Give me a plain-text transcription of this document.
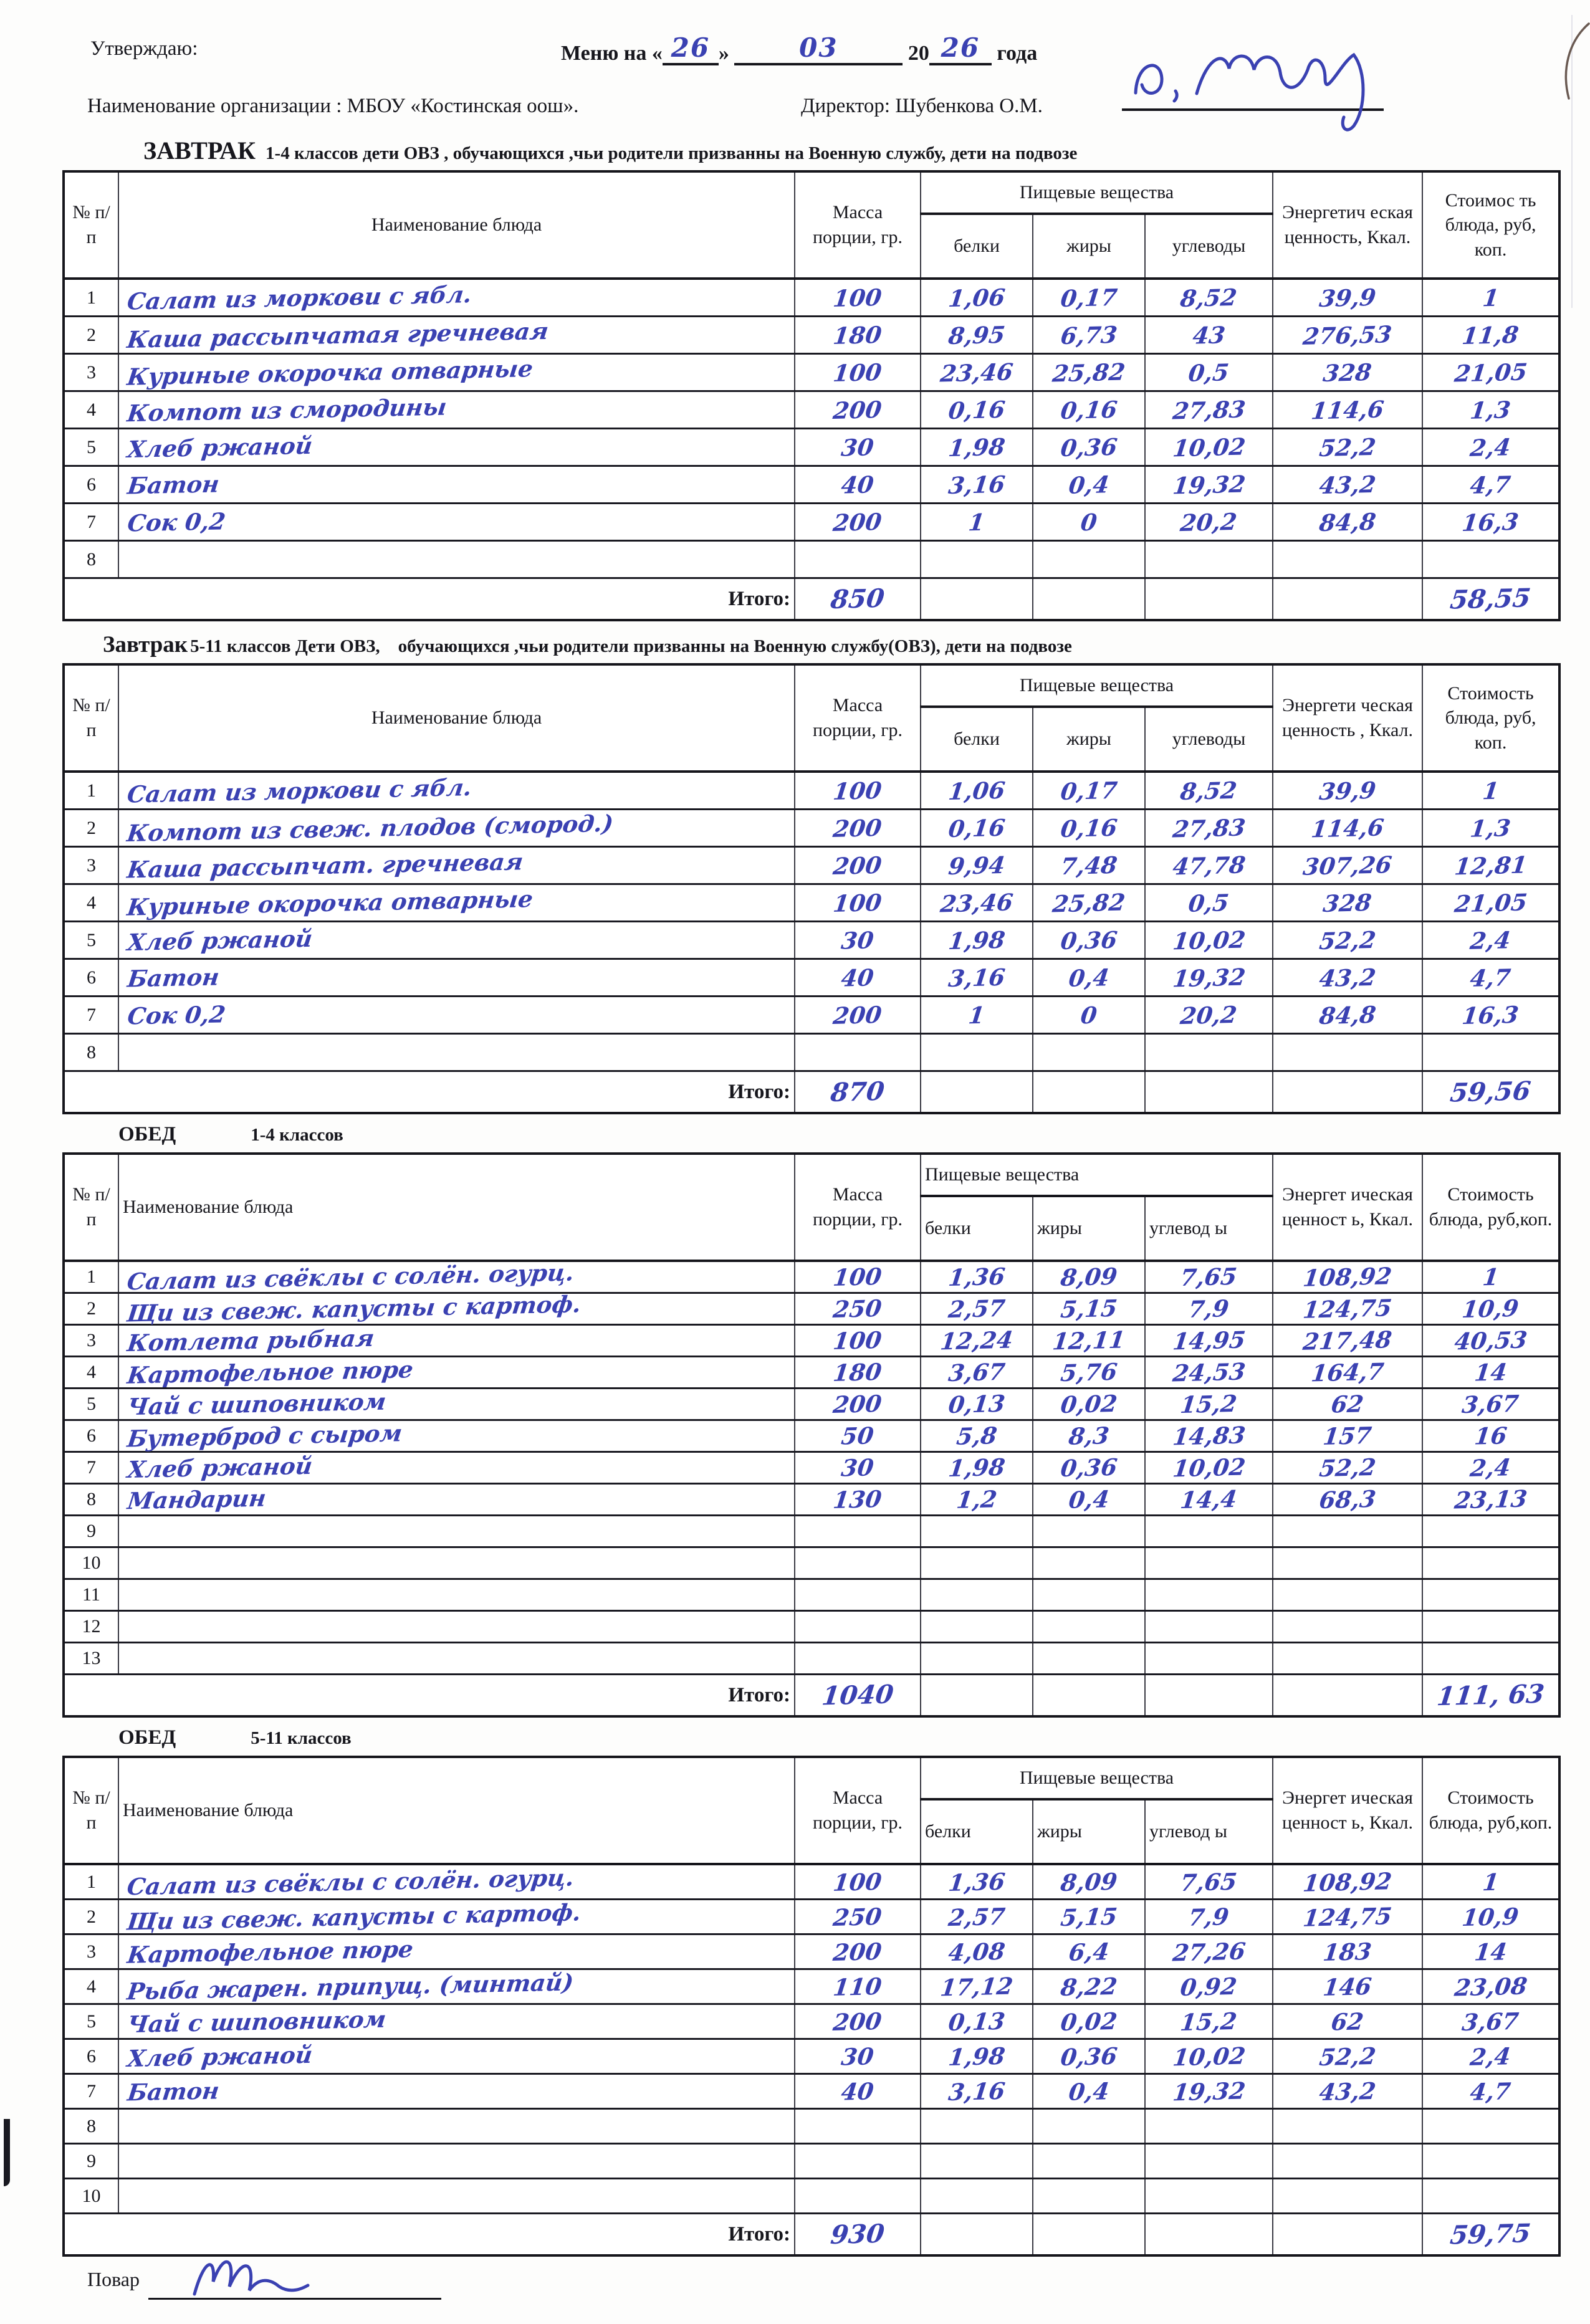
Утверждаю:	Меню на « 26 »	03	20 26 года
Наименование организации : МБОУ «Костинская оош».	Директор: Шубенкова О.М.
ЗАВТРАК 1-4 классов дети ОВЗ , обучающихся ,чьи родители призванны на Военную службу, дети на подвозе
№ п/ п	Наименование блюда	Масса порции, гр.	Пищевые вещества			Энергетич еская ценность, Ккал.	Стоимос ть блюда, руб, коп.
			белки	жиры	углеводы		
1	Салат из моркови с ябл.	100	1,06	0,17	8,52	39,9	1
2	Каша рассыпчатая гречневая	180	8,95	6,73	43	276,53	11,8
3	Куриные окорочка отварные	100	23,46	25,82	0,5	328	21,05
4	Компот из смородины	200	0,16	0,16	27,83	114,6	1,3
5	Хлеб ржаной	30	1,98	0,36	10,02	52,2	2,4
6	Батон	40	3,16	0,4	19,32	43,2	4,7
7	Сок 0,2	200	1	0	20,2	84,8	16,3
8							
Итого:		850					58,55
Завтрак 5-11 классов Дети ОВЗ,    обучающихся ,чьи родители призванны на Военную службу(ОВЗ), дети на подвозе
№ п/ п	Наименование блюда	Масса порции, гр.	Пищевые вещества			Энергети ческая ценность , Ккал.	Стоимость блюда, руб, коп.
			белки	жиры	углеводы		
1	Салат из моркови с ябл.	100	1,06	0,17	8,52	39,9	1
2	Компот из свеж. плодов (смород.)	200	0,16	0,16	27,83	114,6	1,3
3	Каша рассыпчат. гречневая	200	9,94	7,48	47,78	307,26	12,81
4	Куриные окорочка отварные	100	23,46	25,82	0,5	328	21,05
5	Хлеб ржаной	30	1,98	0,36	10,02	52,2	2,4
6	Батон	40	3,16	0,4	19,32	43,2	4,7
7	Сок 0,2	200	1	0	20,2	84,8	16,3
8							
Итого:		870					59,56
ОБЕД	1-4 классов
№ п/п	Наименование блюда	Масса порции, гр.	Пищевые вещества			Энергет ическая ценност ь, Ккал.	Стоимость блюда, руб,коп.
			белки	жиры	углевод ы		
1	Салат из свёклы с солён. огурц.	100	1,36	8,09	7,65	108,92	1
2	Щи из свеж. капусты с картоф.	250	2,57	5,15	7,9	124,75	10,9
3	Котлета рыбная	100	12,24	12,11	14,95	217,48	40,53
4	Картофельное пюре	180	3,67	5,76	24,53	164,7	14
5	Чай с шиповником	200	0,13	0,02	15,2	62	3,67
6	Бутерброд с сыром	50	5,8	8,3	14,83	157	16
7	Хлеб ржаной	30	1,98	0,36	10,02	52,2	2,4
8	Мандарин	130	1,2	0,4	14,4	68,3	23,13
9							
10							
11							
12							
13							
Итого:		1040					111, 63
ОБЕД	5-11 классов
№ п/п	Наименование блюда	Масса порции, гр.	Пищевые вещества			Энергет ическая ценност ь, Ккал.	Стоимость блюда, руб,коп.
			белки	жиры	углевод ы		
1	Салат из свёклы с солён. огурц.	100	1,36	8,09	7,65	108,92	1
2	Щи из свеж. капусты с картоф.	250	2,57	5,15	7,9	124,75	10,9
3	Картофельное пюре	200	4,08	6,4	27,26	183	14
4	Рыба жарен. припущ. (минтай)	110	17,12	8,22	0,92	146	23,08
5	Чай с шиповником	200	0,13	0,02	15,2	62	3,67
6	Хлеб ржаной	30	1,98	0,36	10,02	52,2	2,4
7	Батон	40	3,16	0,4	19,32	43,2	4,7
8							
9							
10							
Итого:		930					59,75
Повар
